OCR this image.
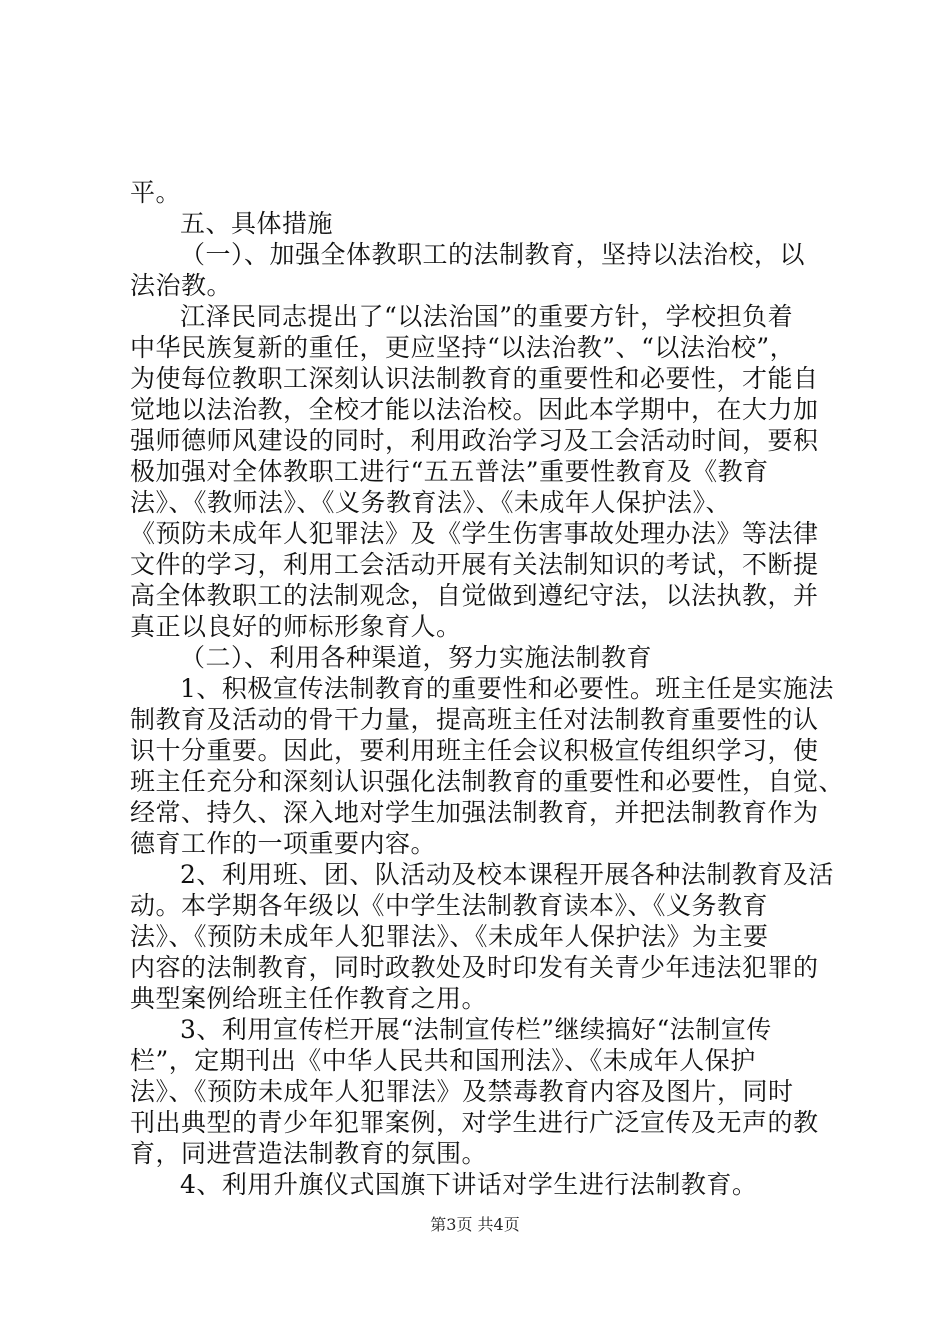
平。
五、具体措施
（一）、加强全体教职工的法制教育，坚持以法治校，以
法治教。
江泽民同志提出了“以法治国”的重要方针，学校担负着
中华民族复新的重任，更应坚持“以法治教”、“以法治校”，
为使每位教职工深刻认识法制教育的重要性和必要性，才能自
觉地以法治教，全校才能以法治校。因此本学期中，在大力加
强师德师风建设的同时，利用政治学习及工会活动时间，要积
极加强对全体教职工进行“五五普法”重要性教育及《教育
法》、《教师法》、《义务教育法》、《未成年人保护法》、
《预防未成年人犯罪法》及《学生伤害事故处理办法》等法律
文件的学习，利用工会活动开展有关法制知识的考试，不断提
高全体教职工的法制观念，自觉做到遵纪守法，以法执教，并
真正以良好的师标形象育人。
（二）、利用各种渠道，努力实施法制教育
1、积极宣传法制教育的重要性和必要性。班主任是实施法
制教育及活动的骨干力量，提高班主任对法制教育重要性的认
识十分重要。因此，要利用班主任会议积极宣传组织学习，使
班主任充分和深刻认识强化法制教育的重要性和必要性，自觉、
经常、持久、深入地对学生加强法制教育，并把法制教育作为
德育工作的一项重要内容。
2、利用班、团、队活动及校本课程开展各种法制教育及活
动。本学期各年级以《中学生法制教育读本》、《义务教育
法》、《预防未成年人犯罪法》、《未成年人保护法》为主要
内容的法制教育，同时政教处及时印发有关青少年违法犯罪的
典型案例给班主任作教育之用。
3、利用宣传栏开展“法制宣传栏”继续搞好“法制宣传
栏”，定期刊出《中华人民共和国刑法》、《未成年人保护
法》、《预防未成年人犯罪法》及禁毒教育内容及图片，同时
刊出典型的青少年犯罪案例，对学生进行广泛宣传及无声的教
育，同进营造法制教育的氛围。
4、利用升旗仪式国旗下讲话对学生进行法制教育。
第3页 共4页
